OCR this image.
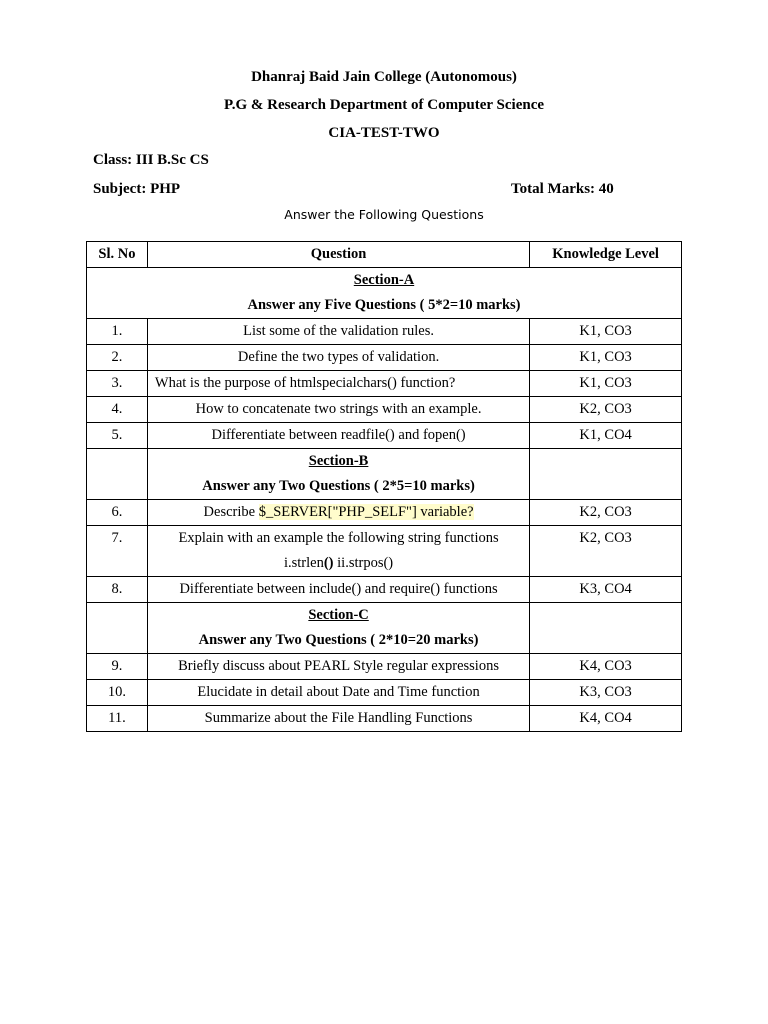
Dhanraj Baid Jain College (Autonomous)
P.G & Research Department of Computer Science
CIA-TEST-TWO
Class: III B.Sc CS
Subject: PHP	Total Marks: 40
Answer the Following Questions
Sl. No	Question	Knowledge Level

Section-A
Answer any Five Questions ( 5*2=10 marks)		

1.	List some of the validation rules.	K1, CO3
2.	Define the two types of validation.	K1, CO3
3.	What is the purpose of htmlspecialchars() function?	K1, CO3
4.	How to concatenate two strings with an example.	K2, CO3
5.	Differentiate between readfile() and fopen()	K1, CO4

	Section-B
Answer any Two Questions ( 2*5=10 marks)	

6.	Describe $_SERVER["PHP_SELF"] variable?	K2, CO3
7.	Explain with an example the following string functions
i.strlen() ii.strpos()	K2, CO3
8.	Differentiate between include() and require() functions	K3, CO4

	Section-C
Answer any Two Questions ( 2*10=20 marks)	

9.	Briefly discuss about PEARL Style regular expressions	K4, CO3
10.	Elucidate in detail about Date and Time function	K3, CO3
11.	Summarize about the File Handling Functions	K4, CO4
